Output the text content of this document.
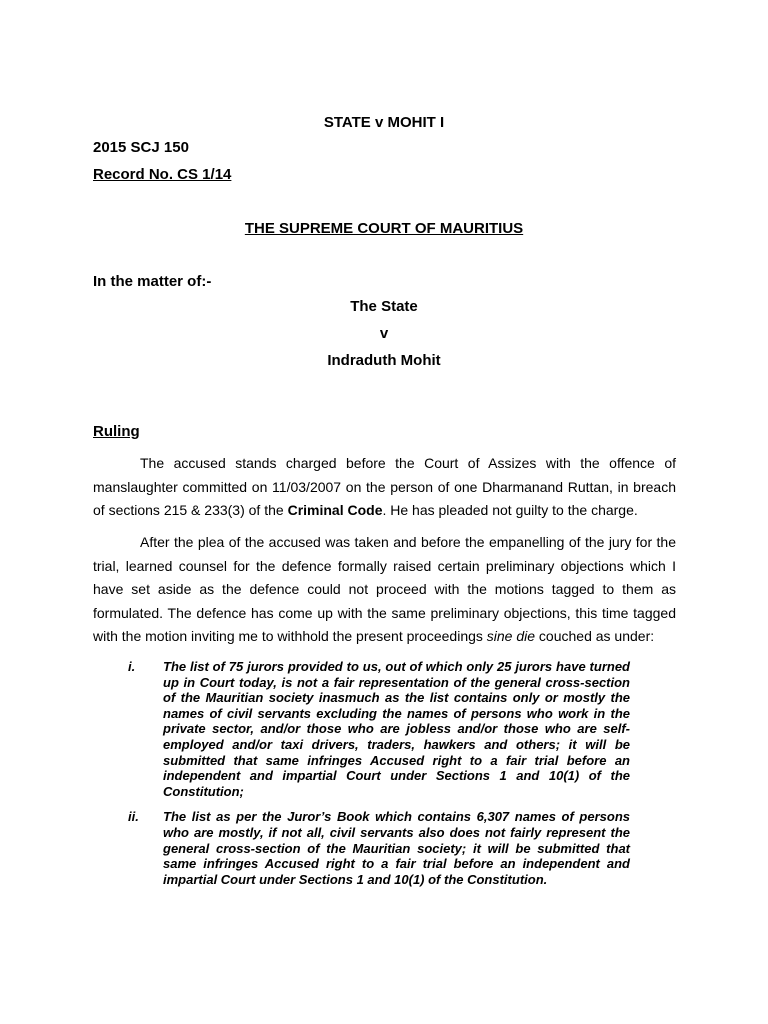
STATE v MOHIT I
2015 SCJ 150
Record No. CS 1/14
THE SUPREME COURT OF MAURITIUS
In the matter of:-
The State
v
Indraduth Mohit
Ruling

The accused stands charged before the Court of Assizes with the offence of manslaughter committed on 11/03/2007 on the person of one Dharmanand Ruttan, in breach of sections 215 & 233(3) of the Criminal Code. He has pleaded not guilty to the charge.

After the plea of the accused was taken and before the empanelling of the jury for the trial, learned counsel for the defence formally raised certain preliminary objections which I have set aside as the defence could not proceed with the motions tagged to them as formulated. The defence has come up with the same preliminary objections, this time tagged with the motion inviting me to withhold the present proceedings sine die couched as under:

i.	The list of 75 jurors provided to us, out of which only 25 jurors have turned up in Court today, is not a fair representation of the general cross-section of the Mauritian society inasmuch as the list contains only or mostly the names of civil servants excluding the names of persons who work in the private sector, and/or those who are jobless and/or those who are self-employed and/or taxi drivers, traders, hawkers and others; it will be submitted that same infringes Accused right to a fair trial before an independent and impartial Court under Sections 1 and 10(1) of the Constitution;
ii.	The list as per the Juror’s Book which contains 6,307 names of persons who are mostly, if not all, civil servants also does not fairly represent the general cross-section of the Mauritian society; it will be submitted that same infringes Accused right to a fair trial before an independent and impartial Court under Sections 1 and 10(1) of the Constitution.
